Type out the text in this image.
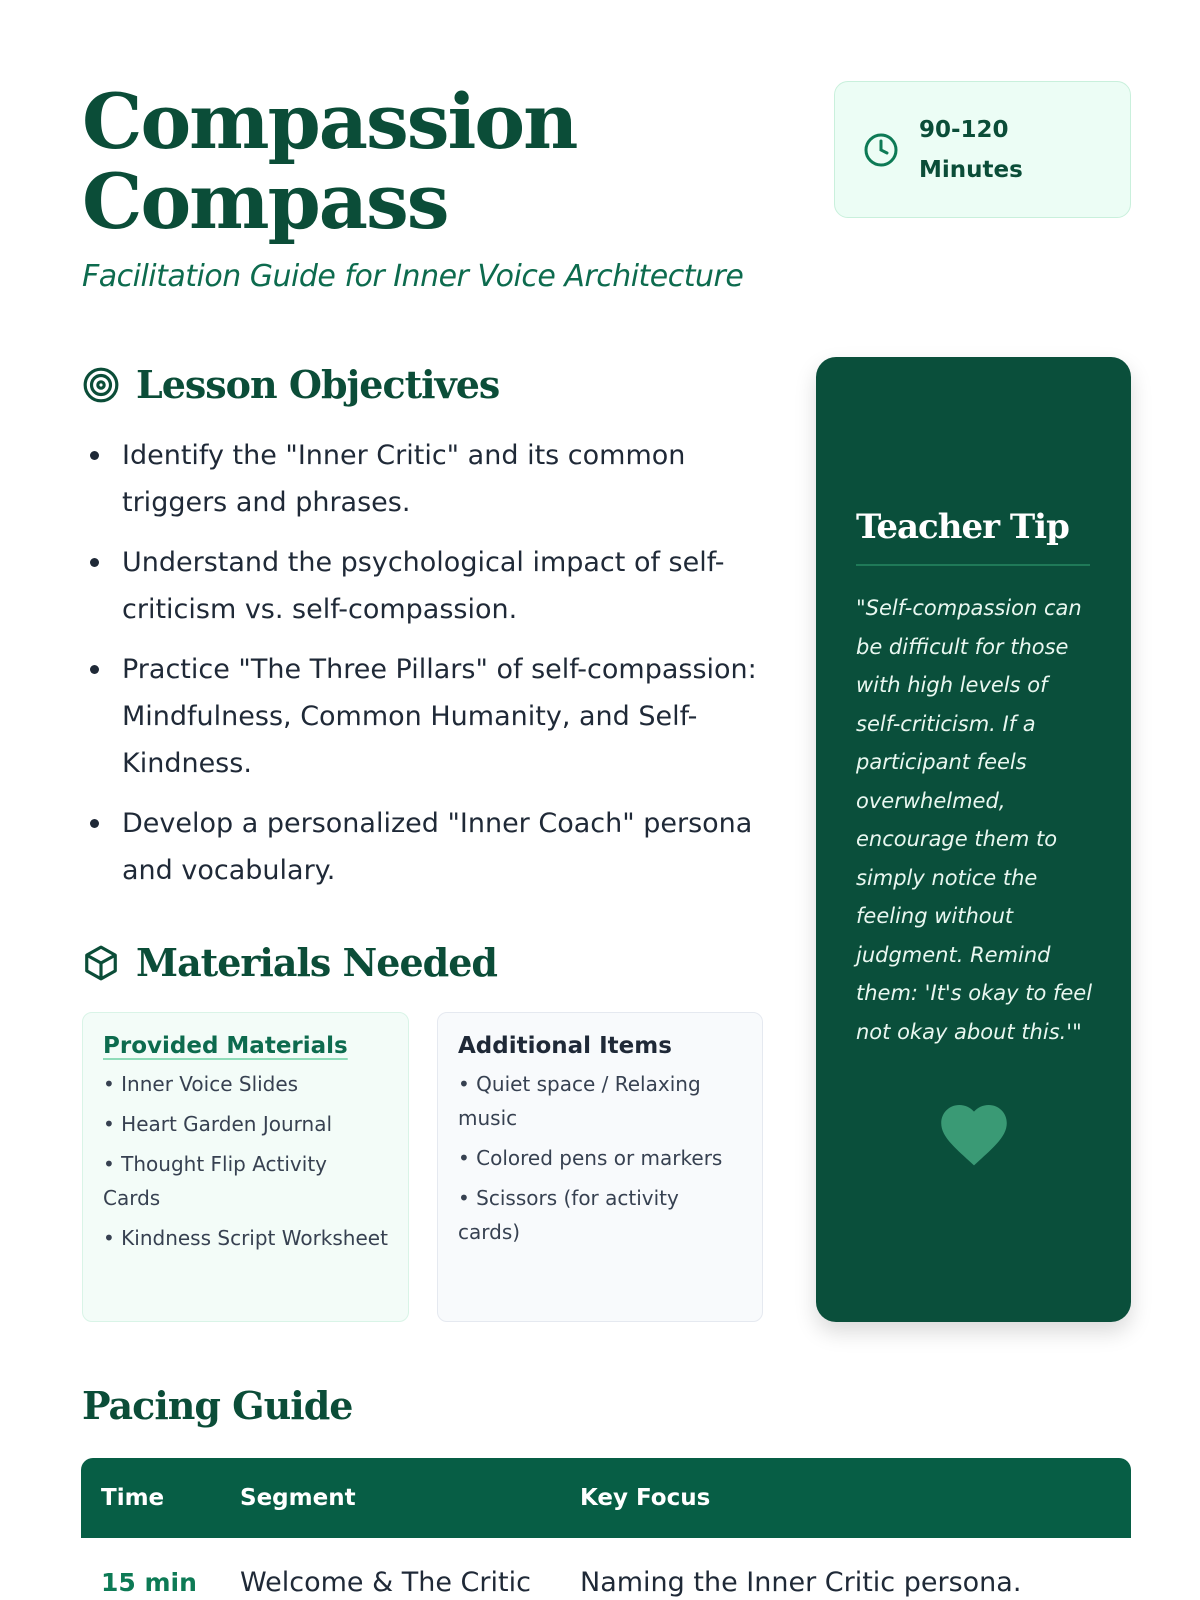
Compassion
Compass
Facilitation Guide for Inner Voice Architecture
90-120
Minutes
Lesson Objectives
Identify the "Inner Critic" and its common triggers and phrases.
Understand the psychological impact of self-criticism vs. self-compassion.
Practice "The Three Pillars" of self-compassion: Mindfulness, Common Humanity, and Self-Kindness.
Develop a personalized "Inner Coach" persona and vocabulary.
Materials Needed
Provided Materials
• Inner Voice Slides
• Heart Garden Journal
• Thought Flip Activity Cards
• Kindness Script Worksheet
Additional Items
• Quiet space / Relaxing music
• Colored pens or markers
• Scissors (for activity cards)
Teacher Tip
"Self-compassion can be difficult for those with high levels of self-criticism. If a participant feels overwhelmed, encourage them to simply notice the feeling without judgment. Remind them: 'It's okay to feel not okay about this.'"
Pacing Guide
Time	Segment	Key Focus
15 min	Welcome & The Critic	Naming the Inner Critic persona.
